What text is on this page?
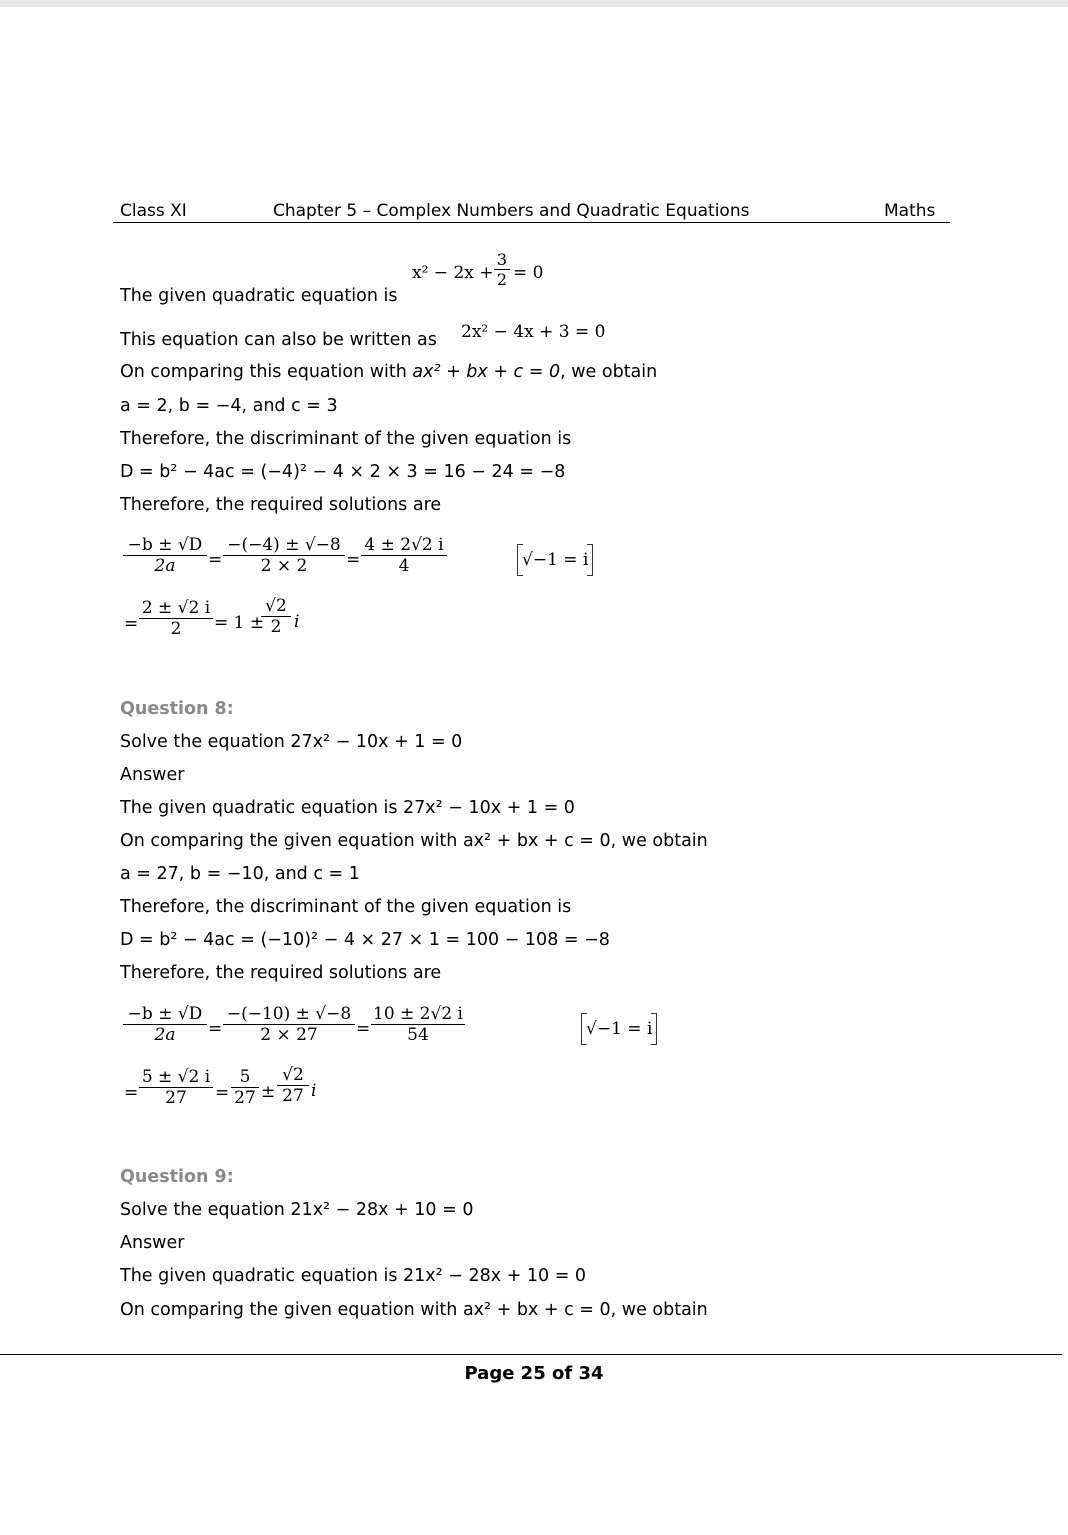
Class XI	Chapter 5 – Complex Numbers and Quadratic Equations	Maths
The given quadratic equation is
x² − 2x +
3
2 = 0
This equation can also be written as 2x² − 4x + 3 = 0
On comparing this equation with ax² + bx + c = 0, we obtain
a = 2, b = −4, and c = 3
Therefore, the discriminant of the given equation is
D = b² − 4ac = (−4)² − 4 × 2 × 3 = 16 − 24 = −8
Therefore, the required solutions are
−b ± √D
2a	=
−(−4) ± √−8
2 × 2	=
4 ± 2√2 i
4	√−1 = i
=
2 ± √2 i
2	= 1 ±
√2
2 i
Question 8:
Solve the equation 27x² − 10x + 1 = 0
Answer
The given quadratic equation is 27x² − 10x + 1 = 0
On comparing the given equation with ax² + bx + c = 0, we obtain
a = 27, b = −10, and c = 1
Therefore, the discriminant of the given equation is
D = b² − 4ac = (−10)² − 4 × 27 × 1 = 100 − 108 = −8
Therefore, the required solutions are
−b ± √D
2a	=
−(−10) ± √−8
2 × 27	=
10 ± 2√2 i
54	√−1 = i
=
5 ± √2 i
27	=
5
27 ±
√2
27 i
Question 9:
Solve the equation 21x² − 28x + 10 = 0
Answer
The given quadratic equation is 21x² − 28x + 10 = 0
On comparing the given equation with ax² + bx + c = 0, we obtain
Page 25 of 34
